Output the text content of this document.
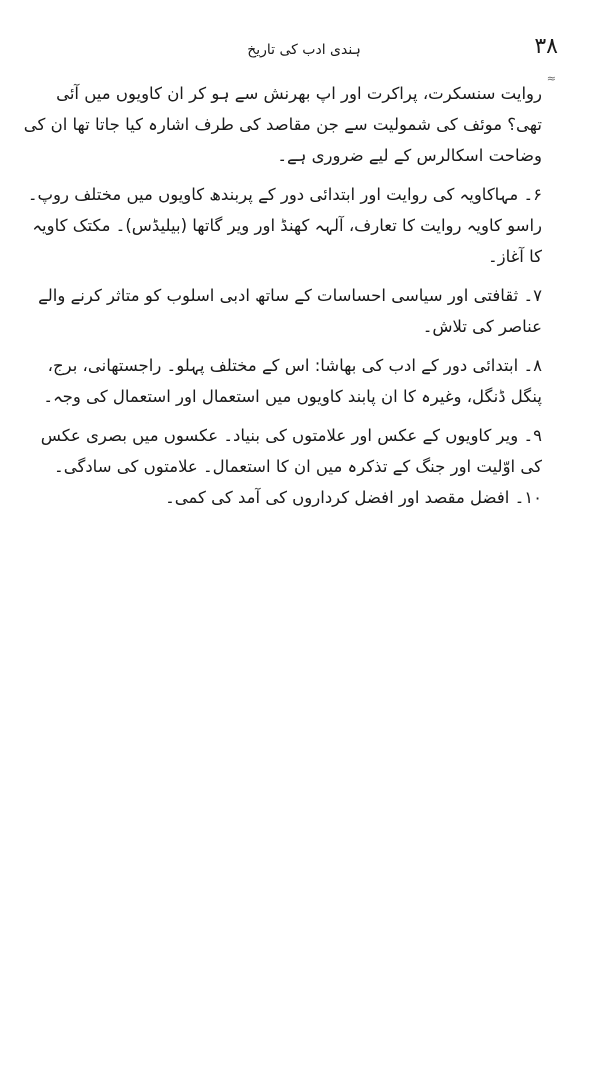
۳۸
≈
ہندی ادب کی تاریخ

روایت سنسکرت، پراکرت اور اپ بھرنش سے ہو کر ان کاویوں میں آئی تھی؟ موئف کی شمولیت سے جن مقاصد کی طرف اشارہ کیا جاتا تھا ان کی وضاحت اسکالرس کے لیے ضروری ہے۔

۶۔ مہاکاویہ کی روایت اور ابتدائی دور کے پربندھ کاویوں میں مختلف روپ۔ راسو کاویہ روایت کا تعارف، آلہہ کھنڈ اور ویر گاتھا (بیلیڈس)۔ مکتک کاویہ کا آغاز۔

۷۔ ثقافتی اور سیاسی احساسات کے ساتھ ادبی اسلوب کو متاثر کرنے والے عناصر کی تلاش۔

۸۔ ابتدائی دور کے ادب کی بھاشا: اس کے مختلف پہلو۔ راجستھانی، برج، پنگل ڈنگل، وغیرہ کا ان پابند کاویوں میں استعمال اور استعمال کی وجہ۔

۹۔ ویر کاویوں کے عکس اور علامتوں کی بنیاد۔ عکسوں میں بصری عکس کی اوّلیت اور جنگ کے تذکرہ میں ان کا استعمال۔ علامتوں کی سادگی۔

۱۰۔ افضل مقصد اور افضل کرداروں کی آمد کی کمی۔
